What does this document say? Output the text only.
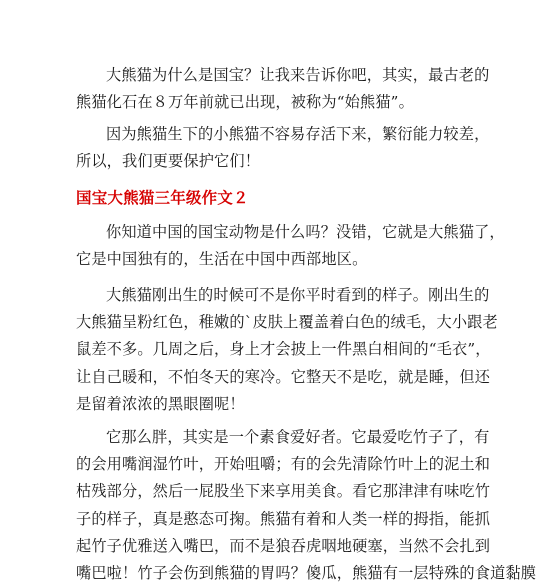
大熊猫为什么是国宝？让我来告诉你吧，其实，最古老的
熊猫化石在８万年前就已出现，被称为“始熊猫”。

因为熊猫生下的小熊猫不容易存活下来，繁衍能力较差，
所以，我们更要保护它们！

国宝大熊猫三年级作文２

你知道中国的国宝动物是什么吗？没错，它就是大熊猫了，
它是中国独有的，生活在中国中西部地区。

大熊猫刚出生的时候可不是你平时看到的样子。刚出生的
大熊猫呈粉红色，稚嫩的`皮肤上覆盖着白色的绒毛，大小跟老
鼠差不多。几周之后，身上才会披上一件黑白相间的“毛衣”，
让自己暖和，不怕冬天的寒冷。它整天不是吃，就是睡，但还
是留着浓浓的黑眼圈呢！

它那么胖，其实是一个素食爱好者。它最爱吃竹子了，有
的会用嘴润湿竹叶，开始咀嚼；有的会先清除竹叶上的泥土和
枯残部分，然后一屁股坐下来享用美食。看它那津津有味吃竹
子的样子，真是憨态可掬。熊猫有着和人类一样的拇指，能抓
起竹子优雅送入嘴巴，而不是狼吞虎咽地硬塞，当然不会扎到
嘴巴啦！竹子会伤到熊猫的胃吗？傻瓜，熊猫有一层特殊的食道黏膜
